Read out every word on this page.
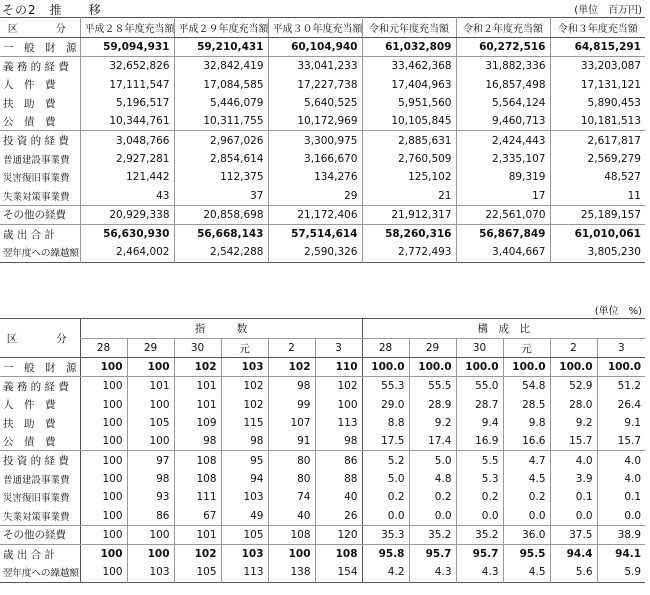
その2　推　　移	(単位　百万円)
区　　分	平成２８年度充当額	平成２９年度充当額	平成３０年度充当額	令和元年度充当額	令和２年度充当額	令和３年度充当額
一　般　財　源	59,094,931	59,210,431	60,104,940	61,032,809	60,272,516	64,815,291
義 務 的 経 費	32,652,826	32,842,419	33,041,233	33,462,368	31,882,336	33,203,087
人　件　費	17,111,547	17,084,585	17,227,738	17,404,963	16,857,498	17,131,121
扶　助　費	5,196,517	5,446,079	5,640,525	5,951,560	5,564,124	5,890,453
公　債　費	10,344,761	10,311,755	10,172,969	10,105,845	9,460,713	10,181,513
投 資 的 経 費	3,048,766	2,967,026	3,300,975	2,885,631	2,424,443	2,617,817
普通建設事業費	2,927,281	2,854,614	3,166,670	2,760,509	2,335,107	2,569,279
災害復旧事業費	121,442	112,375	134,276	125,102	89,319	48,527
失業対策事業費	43	37	29	21	17	11
その他の経費	20,929,338	20,858,698	21,172,406	21,912,317	22,561,070	25,189,157
歳 出 合 計	56,630,930	56,668,143	57,514,614	58,260,316	56,867,849	61,010,061
翌年度への繰越額	2,464,002	2,542,288	2,590,326	2,772,493	3,404,667	3,805,230
(単位　%)
区　　分	指　　　数						構　成　比					
	28	29	30	元	2	3	28	29	30	元	2	3
一　般　財　源	100	100	102	103	102	110	100.0	100.0	100.0	100.0	100.0	100.0
義 務 的 経 費	100	101	101	102	98	102	55.3	55.5	55.0	54.8	52.9	51.2
人　件　費	100	100	101	102	99	100	29.0	28.9	28.7	28.5	28.0	26.4
扶　助　費	100	105	109	115	107	113	8.8	9.2	9.4	9.8	9.2	9.1
公　債　費	100	100	98	98	91	98	17.5	17.4	16.9	16.6	15.7	15.7
投 資 的 経 費	100	97	108	95	80	86	5.2	5.0	5.5	4.7	4.0	4.0
普通建設事業費	100	98	108	94	80	88	5.0	4.8	5.3	4.5	3.9	4.0
災害復旧事業費	100	93	111	103	74	40	0.2	0.2	0.2	0.2	0.1	0.1
失業対策事業費	100	86	67	49	40	26	0.0	0.0	0.0	0.0	0.0	0.0
その他の経費	100	100	101	105	108	120	35.3	35.2	35.2	36.0	37.5	38.9
歳 出 合 計	100	100	102	103	100	108	95.8	95.7	95.7	95.5	94.4	94.1
翌年度への繰越額	100	103	105	113	138	154	4.2	4.3	4.3	4.5	5.6	5.9
